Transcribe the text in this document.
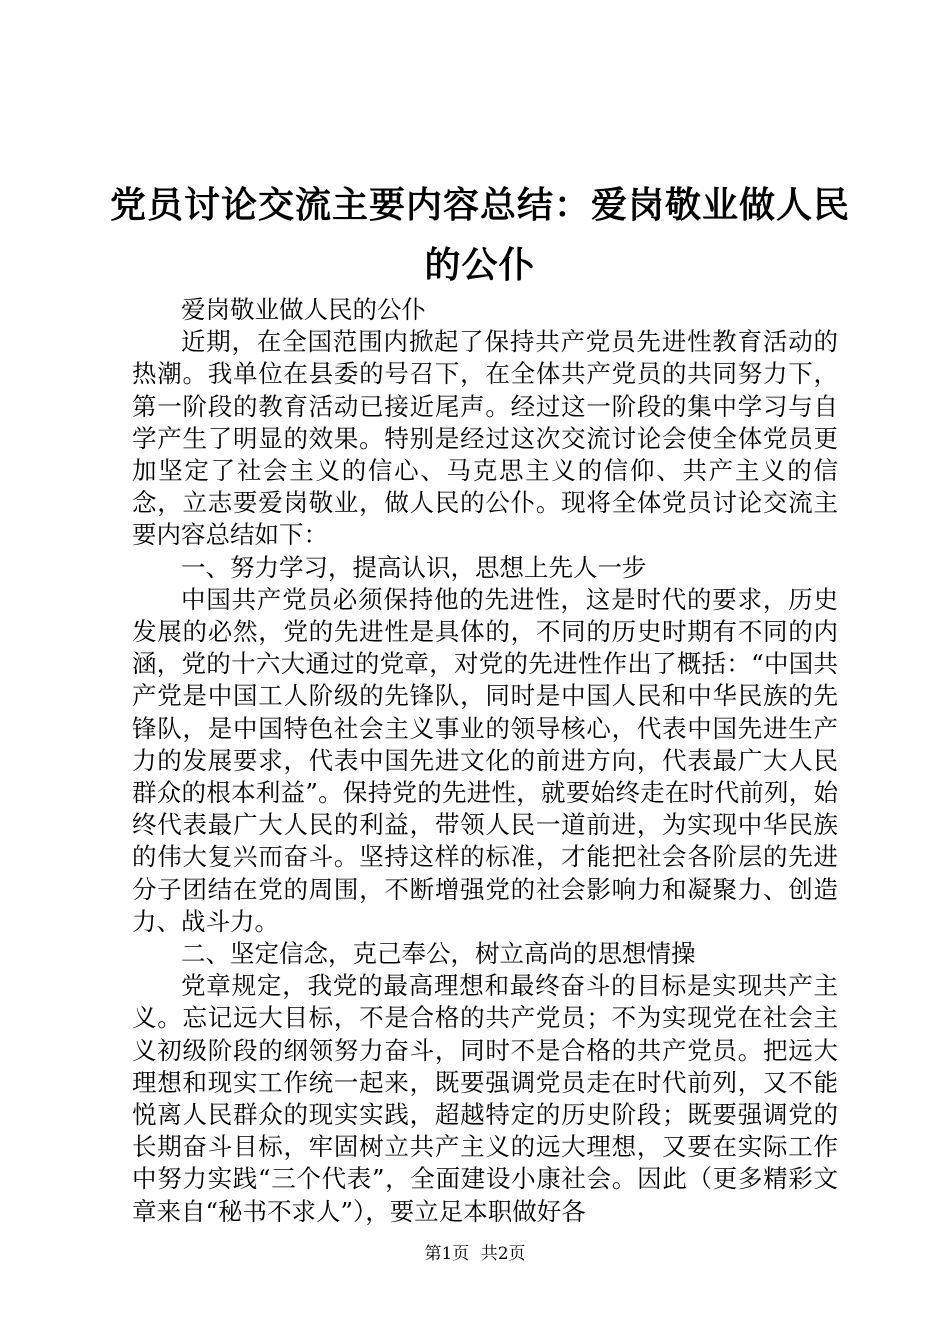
党员讨论交流主要内容总结：爱岗敬业做人民的公仆

爱岗敬业做人民的公仆

近期，在全国范围内掀起了保持共产党员先进性教育活动的热潮。我单位在县委的号召下，在全体共产党员的共同努力下，第一阶段的教育活动已接近尾声。经过这一阶段的集中学习与自学产生了明显的效果。特别是经过这次交流讨论会使全体党员更加坚定了社会主义的信心、马克思主义的信仰、共产主义的信念，立志要爱岗敬业，做人民的公仆。现将全体党员讨论交流主要内容总结如下：

一、努力学习，提高认识，思想上先人一步

中国共产党员必须保持他的先进性，这是时代的要求，历史发展的必然，党的先进性是具体的，不同的历史时期有不同的内涵，党的十六大通过的党章，对党的先进性作出了概括：“中国共产党是中国工人阶级的先锋队，同时是中国人民和中华民族的先锋队，是中国特色社会主义事业的领导核心，代表中国先进生产力的发展要求，代表中国先进文化的前进方向，代表最广大人民群众的根本利益”。保持党的先进性，就要始终走在时代前列，始终代表最广大人民的利益，带领人民一道前进，为实现中华民族的伟大复兴而奋斗。坚持这样的标准，才能把社会各阶层的先进分子团结在党的周围，不断增强党的社会影响力和凝聚力、创造力、战斗力。

二、坚定信念，克己奉公，树立高尚的思想情操

党章规定，我党的最高理想和最终奋斗的目标是实现共产主义。忘记远大目标，不是合格的共产党员；不为实现党在社会主义初级阶段的纲领努力奋斗，同时不是合格的共产党员。把远大理想和现实工作统一起来，既要强调党员走在时代前列，又不能悦离人民群众的现实实践，超越特定的历史阶段；既要强调党的长期奋斗目标，牢固树立共产主义的远大理想，又要在实际工作中努力实践“三个代表”，全面建设小康社会。因此（更多精彩文章来自“秘书不求人”），要立足本职做好各

第1页 共2页
